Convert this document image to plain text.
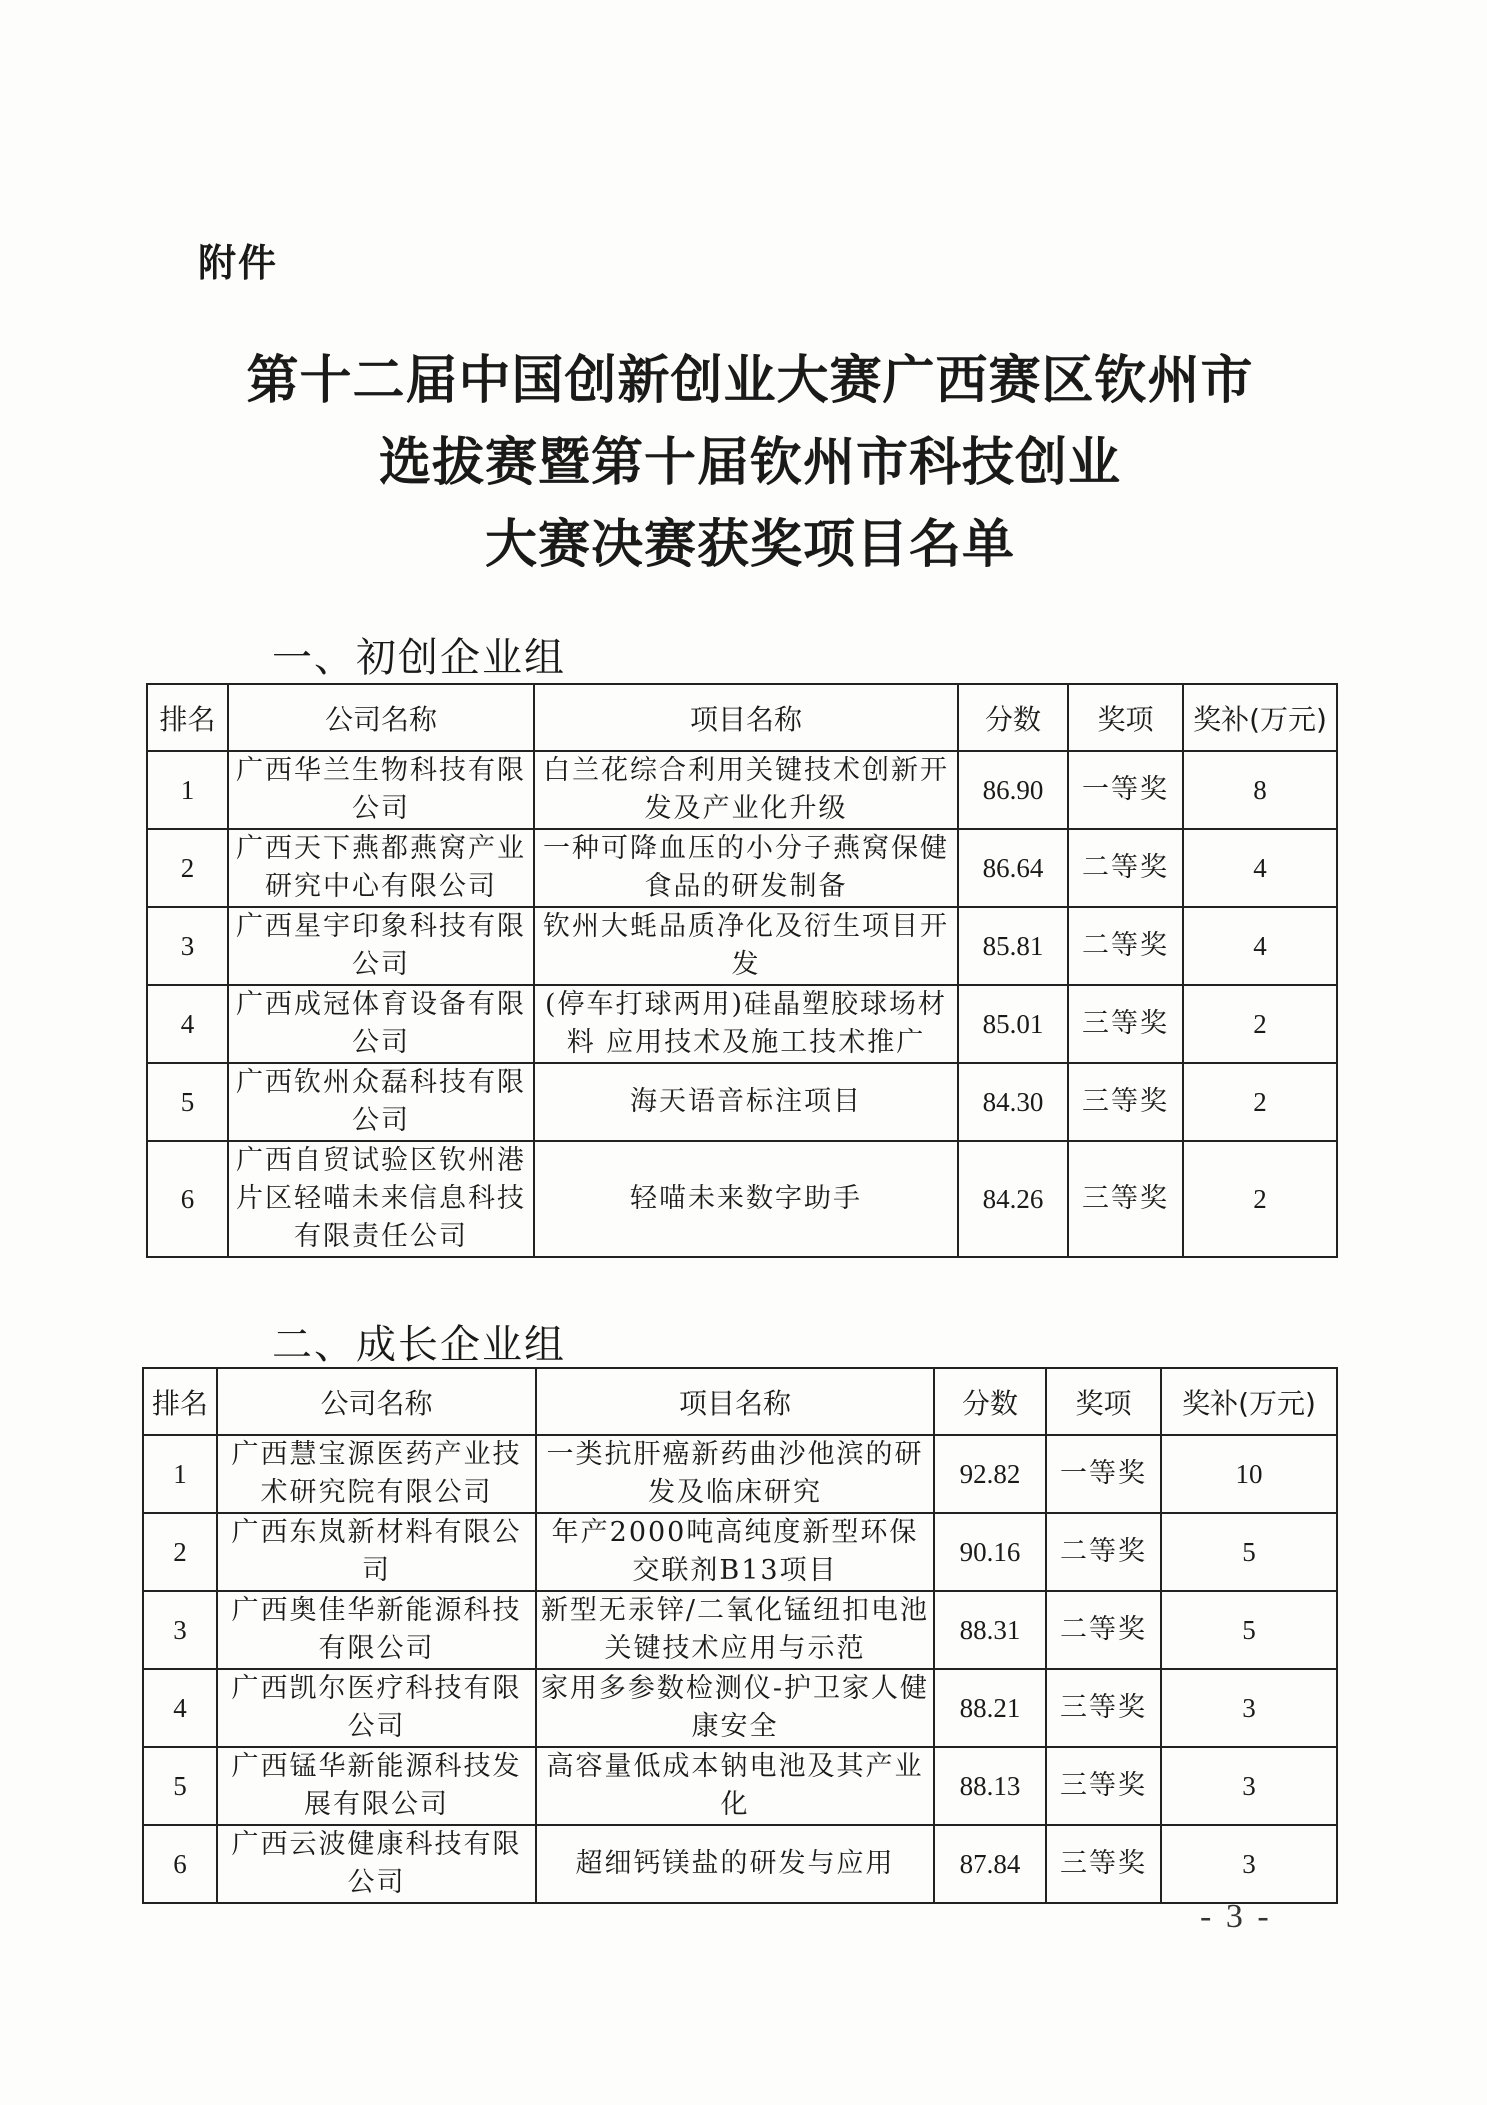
附件
第十二届中国创新创业大赛广西赛区钦州市
选拔赛暨第十届钦州市科技创业
大赛决赛获奖项目名单
一、初创企业组
排名	公司名称	项目名称	分数	奖项	奖补(万元)
1	广西华兰生物科技有限公司	白兰花综合利用关键技术创新开发及产业化升级	86.90	一等奖	8
2	广西天下燕都燕窝产业研究中心有限公司	一种可降血压的小分子燕窝保健食品的研发制备	86.64	二等奖	4
3	广西星宇印象科技有限公司	钦州大蚝品质净化及衍生项目开发	85.81	二等奖	4
4	广西成冠体育设备有限公司	(停车打球两用)硅晶塑胶球场材料 应用技术及施工技术推广	85.01	三等奖	2
5	广西钦州众磊科技有限公司	海天语音标注项目	84.30	三等奖	2
6	广西自贸试验区钦州港片区轻喵未来信息科技有限责任公司	轻喵未来数字助手	84.26	三等奖	2
二、成长企业组
排名	公司名称	项目名称	分数	奖项	奖补(万元)
1	广西慧宝源医药产业技术研究院有限公司	一类抗肝癌新药曲沙他滨的研发及临床研究	92.82	一等奖	10
2	广西东岚新材料有限公司	年产2000吨高纯度新型环保交联剂B13项目	90.16	二等奖	5
3	广西奥佳华新能源科技有限公司	新型无汞锌/二氧化锰纽扣电池关键技术应用与示范	88.31	二等奖	5
4	广西凯尔医疗科技有限公司	家用多参数检测仪-护卫家人健康安全	88.21	三等奖	3
5	广西锰华新能源科技发展有限公司	高容量低成本钠电池及其产业化	88.13	三等奖	3
6	广西云波健康科技有限公司	超细钙镁盐的研发与应用	87.84	三等奖	3
- 3 -
